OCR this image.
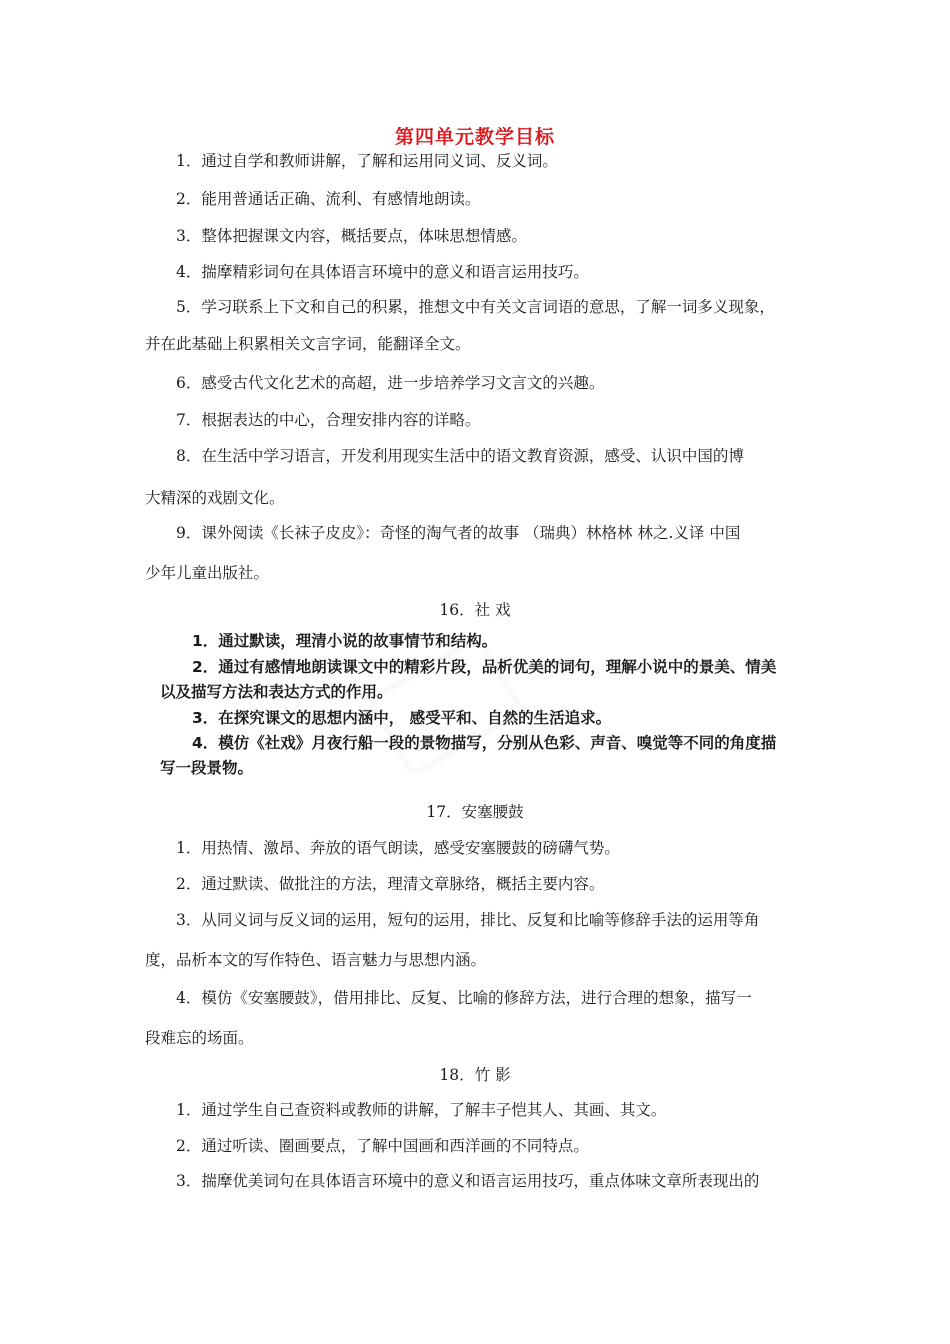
第四单元教学目标
1．通过自学和教师讲解，了解和运用同义词、反义词。
2．能用普通话正确、流利、有感情地朗读。
3．整体把握课文内容，概括要点，体味思想情感。
4．揣摩精彩词句在具体语言环境中的意义和语言运用技巧。
5．学习联系上下文和自己的积累，推想文中有关文言词语的意思，了解一词多义现象，
并在此基础上积累相关文言字词，能翻译全文。
6．感受古代文化艺术的高超，进一步培养学习文言文的兴趣。
7．根据表达的中心，合理安排内容的详略。
8．在生活中学习语言，开发利用现实生活中的语文教育资源，感受、认识中国的博
大精深的戏剧文化。
9．课外阅读《长袜子皮皮》：奇怪的淘气者的故事 （瑞典）林格林 林之.义译 中国
少年儿童出版社。
16．社 戏
1．通过默读，理清小说的故事情节和结构。
2．通过有感情地朗读课文中的精彩片段，品析优美的词句，理解小说中的景美、情美
以及描写方法和表达方式的作用。
3．在探究课文的思想内涵中， 感受平和、自然的生活追求。
4．模仿《社戏》月夜行船一段的景物描写，分别从色彩、声音、嗅觉等不同的角度描
写一段景物。
17．安塞腰鼓
1．用热情、激昂、奔放的语气朗读，感受安塞腰鼓的磅礴气势。
2．通过默读、做批注的方法，理清文章脉络，概括主要内容。
3．从同义词与反义词的运用，短句的运用，排比、反复和比喻等修辞手法的运用等角
度，品析本文的写作特色、语言魅力与思想内涵。
4．模仿《安塞腰鼓》，借用排比、反复、比喻的修辞方法，进行合理的想象，描写一
段难忘的场面。
18．竹 影
1．通过学生自己查资料或教师的讲解，了解丰子恺其人、其画、其文。
2．通过听读、圈画要点，了解中国画和西洋画的不同特点。
3．揣摩优美词句在具体语言环境中的意义和语言运用技巧，重点体味文章所表现出的
